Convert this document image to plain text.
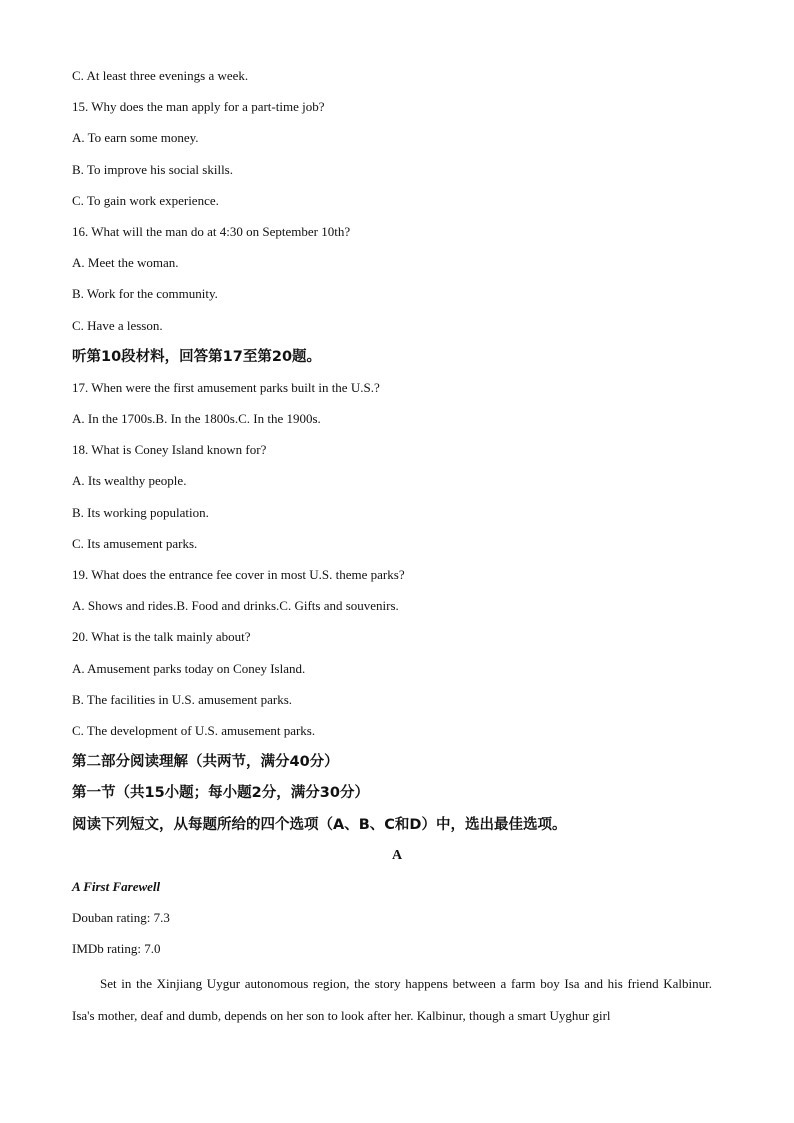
C. At least three evenings a week.
15. Why does the man apply for a part-time job?
A. To earn some money.
B. To improve his social skills.
C. To gain work experience.
16. What will the man do at 4:30 on September 10th?
A. Meet the woman.
B. Work for the community.
C. Have a lesson.
听第10段材料，回答第17至第20题。
17. When were the first amusement parks built in the U.S.?
A. In the 1700s.B. In the 1800s.C. In the 1900s.
18. What is Coney Island known for?
A. Its wealthy people.
B. Its working population.
C. Its amusement parks.
19. What does the entrance fee cover in most U.S. theme parks?
A. Shows and rides.B. Food and drinks.C. Gifts and souvenirs.
20. What is the talk mainly about?
A. Amusement parks today on Coney Island.
B. The facilities in U.S. amusement parks.
C. The development of U.S. amusement parks.
第二部分阅读理解（共两节，满分40分）
第一节（共15小题；每小题2分，满分30分）
阅读下列短文，从每题所给的四个选项（A、B、C和D）中，选出最佳选项。
A
A First Farewell
Douban rating: 7.3
IMDb rating: 7.0
Set in the Xinjiang Uygur autonomous region, the story happens between a farm boy Isa and his friend Kalbinur. Isa's mother, deaf and dumb, depends on her son to look after her. Kalbinur, though a smart Uyghur girl
